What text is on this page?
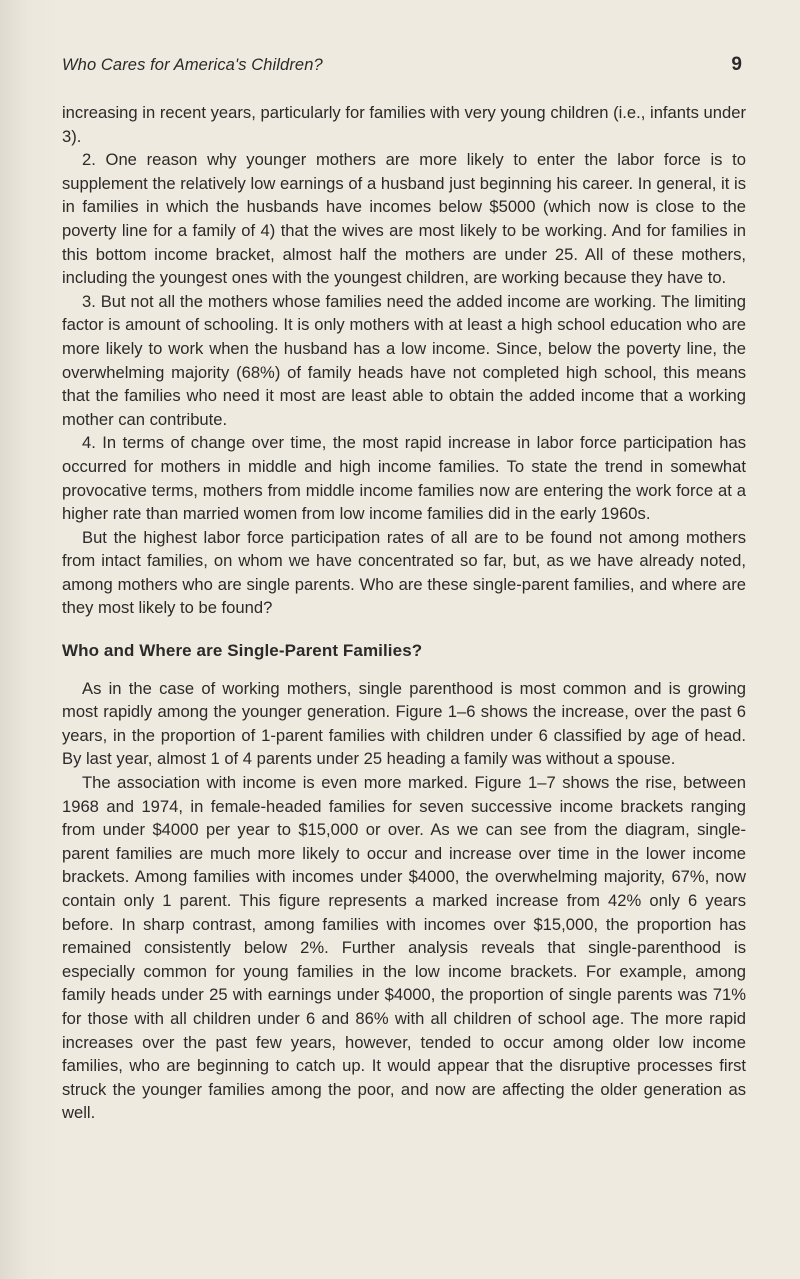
Who Cares for America's Children?	9

increasing in recent years, particularly for families with very young children (i.e., infants under 3).

2. One reason why younger mothers are more likely to enter the labor force is to supplement the relatively low earnings of a husband just beginning his career. In general, it is in families in which the husbands have incomes below $5000 (which now is close to the poverty line for a family of 4) that the wives are most likely to be working. And for families in this bottom income bracket, almost half the mothers are under 25. All of these mothers, including the youngest ones with the youngest children, are working because they have to.

3. But not all the mothers whose families need the added income are working. The limiting factor is amount of schooling. It is only mothers with at least a high school education who are more likely to work when the husband has a low income. Since, below the poverty line, the overwhelming majority (68%) of family heads have not completed high school, this means that the families who need it most are least able to obtain the added income that a working mother can contribute.

4. In terms of change over time, the most rapid increase in labor force participation has occurred for mothers in middle and high income families. To state the trend in somewhat provocative terms, mothers from middle income families now are entering the work force at a higher rate than married women from low income families did in the early 1960s.

But the highest labor force participation rates of all are to be found not among mothers from intact families, on whom we have concentrated so far, but, as we have already noted, among mothers who are single parents. Who are these single-parent families, and where are they most likely to be found?

Who and Where are Single-Parent Families?

As in the case of working mothers, single parenthood is most common and is growing most rapidly among the younger generation. Figure 1–6 shows the increase, over the past 6 years, in the proportion of 1-parent families with children under 6 classified by age of head. By last year, almost 1 of 4 parents under 25 heading a family was without a spouse.

The association with income is even more marked. Figure 1–7 shows the rise, between 1968 and 1974, in female-headed families for seven successive income brackets ranging from under $4000 per year to $15,000 or over. As we can see from the diagram, single-parent families are much more likely to occur and increase over time in the lower income brackets. Among families with incomes under $4000, the overwhelming majority, 67%, now contain only 1 parent. This figure represents a marked increase from 42% only 6 years before. In sharp contrast, among families with incomes over $15,000, the proportion has remained consistently below 2%. Further analysis reveals that single-parenthood is especially common for young families in the low income brackets. For example, among family heads under 25 with earnings under $4000, the proportion of single parents was 71% for those with all children under 6 and 86% with all children of school age. The more rapid increases over the past few years, however, tended to occur among older low income families, who are beginning to catch up. It would appear that the disruptive processes first struck the younger families among the poor, and now are affecting the older generation as well.
